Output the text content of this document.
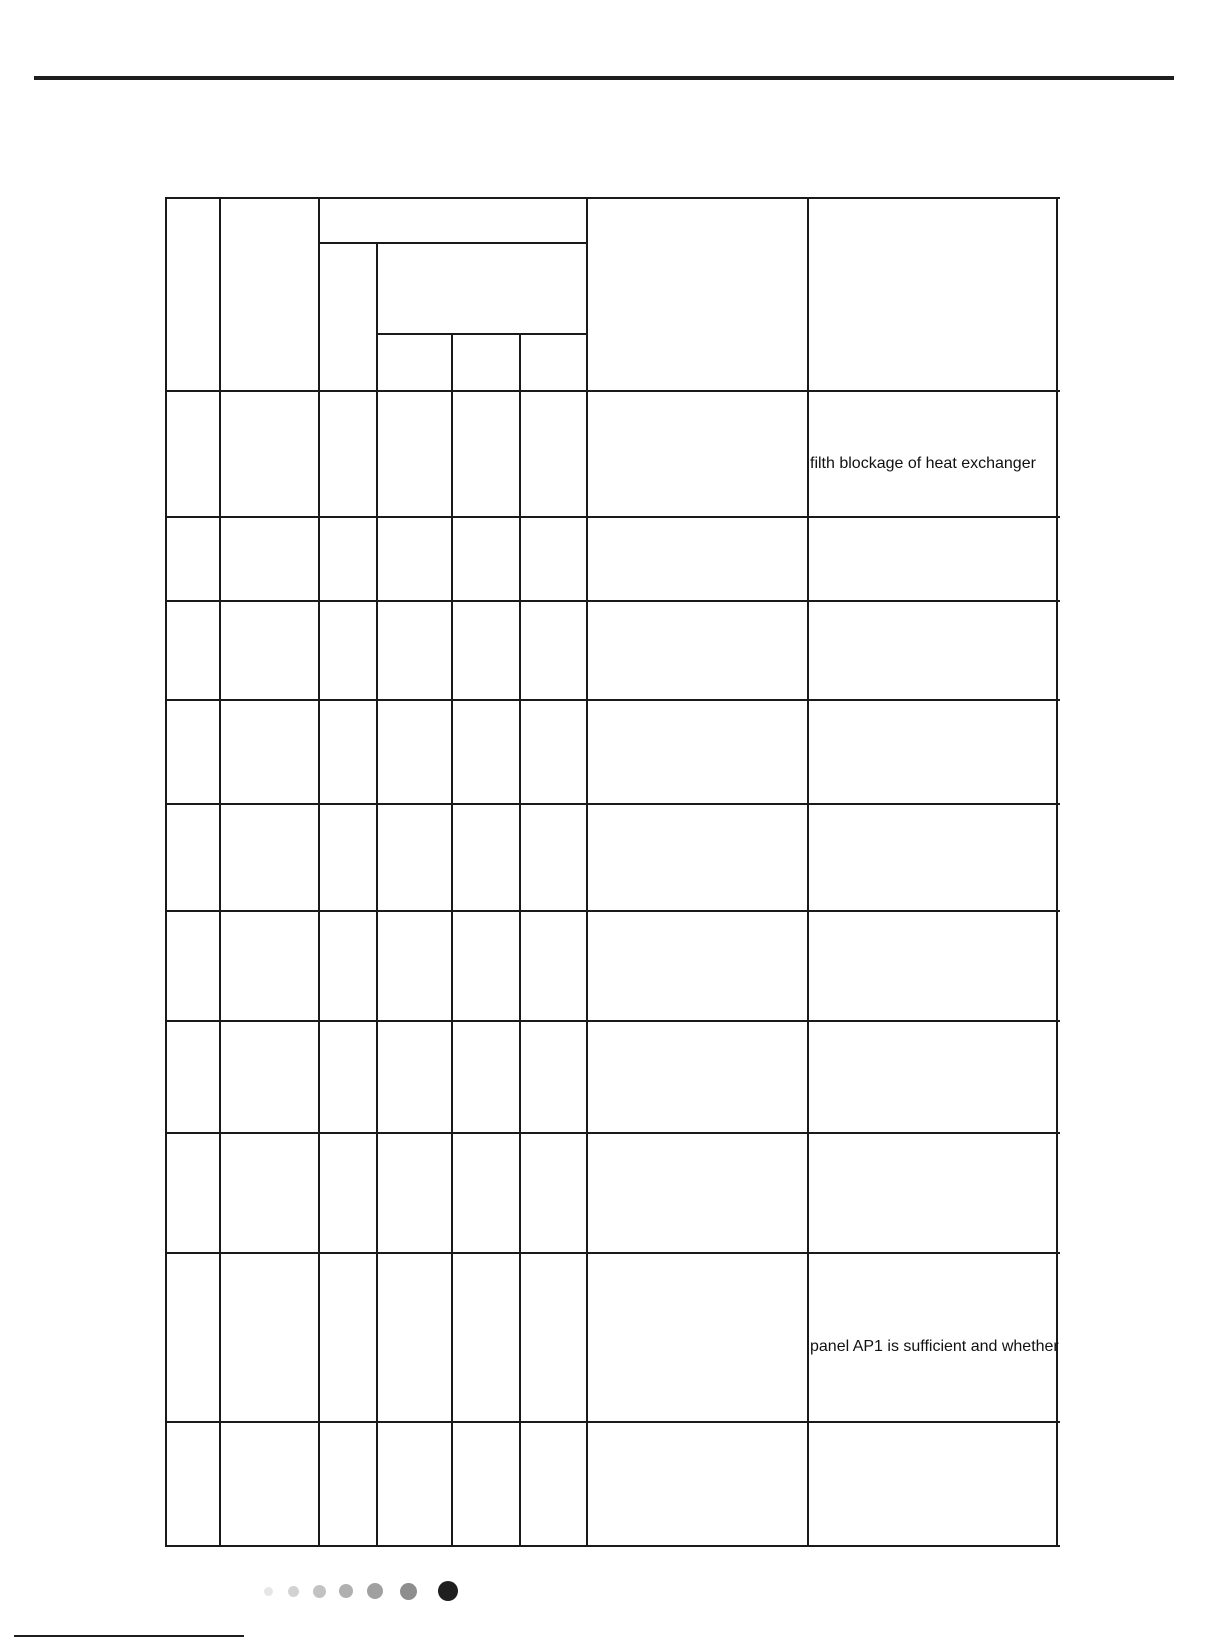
filth blockage of heat exchanger
panel AP1 is sufficient and whether
